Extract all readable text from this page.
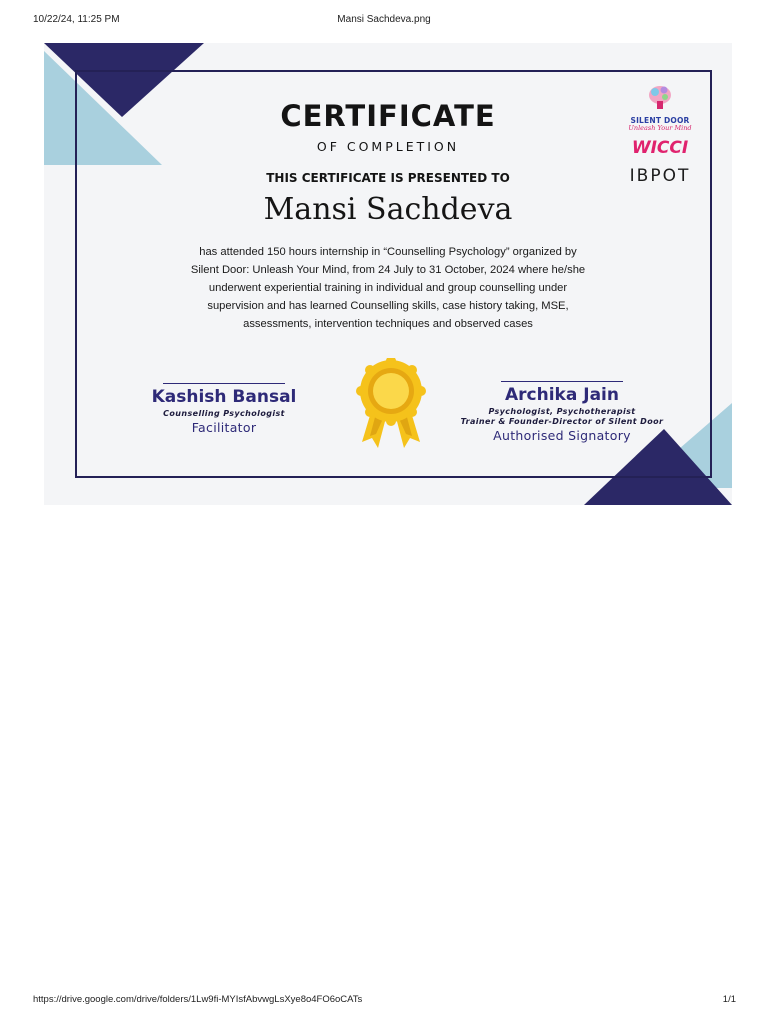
10/22/24, 11:25 PM	Mansi Sachdeva.png
CERTIFICATE
OF COMPLETION
THIS CERTIFICATE IS PRESENTED TO
Mansi Sachdeva
has attended 150 hours internship in “Counselling Psychology” organized by Silent Door: Unleash Your Mind, from 24 July to 31 October, 2024 where he/she underwent experiential training in individual and group counselling under supervision and has learned Counselling skills, case history taking, MSE, assessments, intervention techniques and observed cases
Kashish Bansal
Counselling Psychologist
Facilitator
Archika Jain
Psychologist, Psychotherapist
Trainer & Founder-Director of Silent Door
Authorised Signatory
SILENT DOOR
Unleash Your Mind
WICCI
IBPOT
https://drive.google.com/drive/folders/1Lw9fi-MYIsfAbvwgLsXye8o4FO6oCATs	1/1
